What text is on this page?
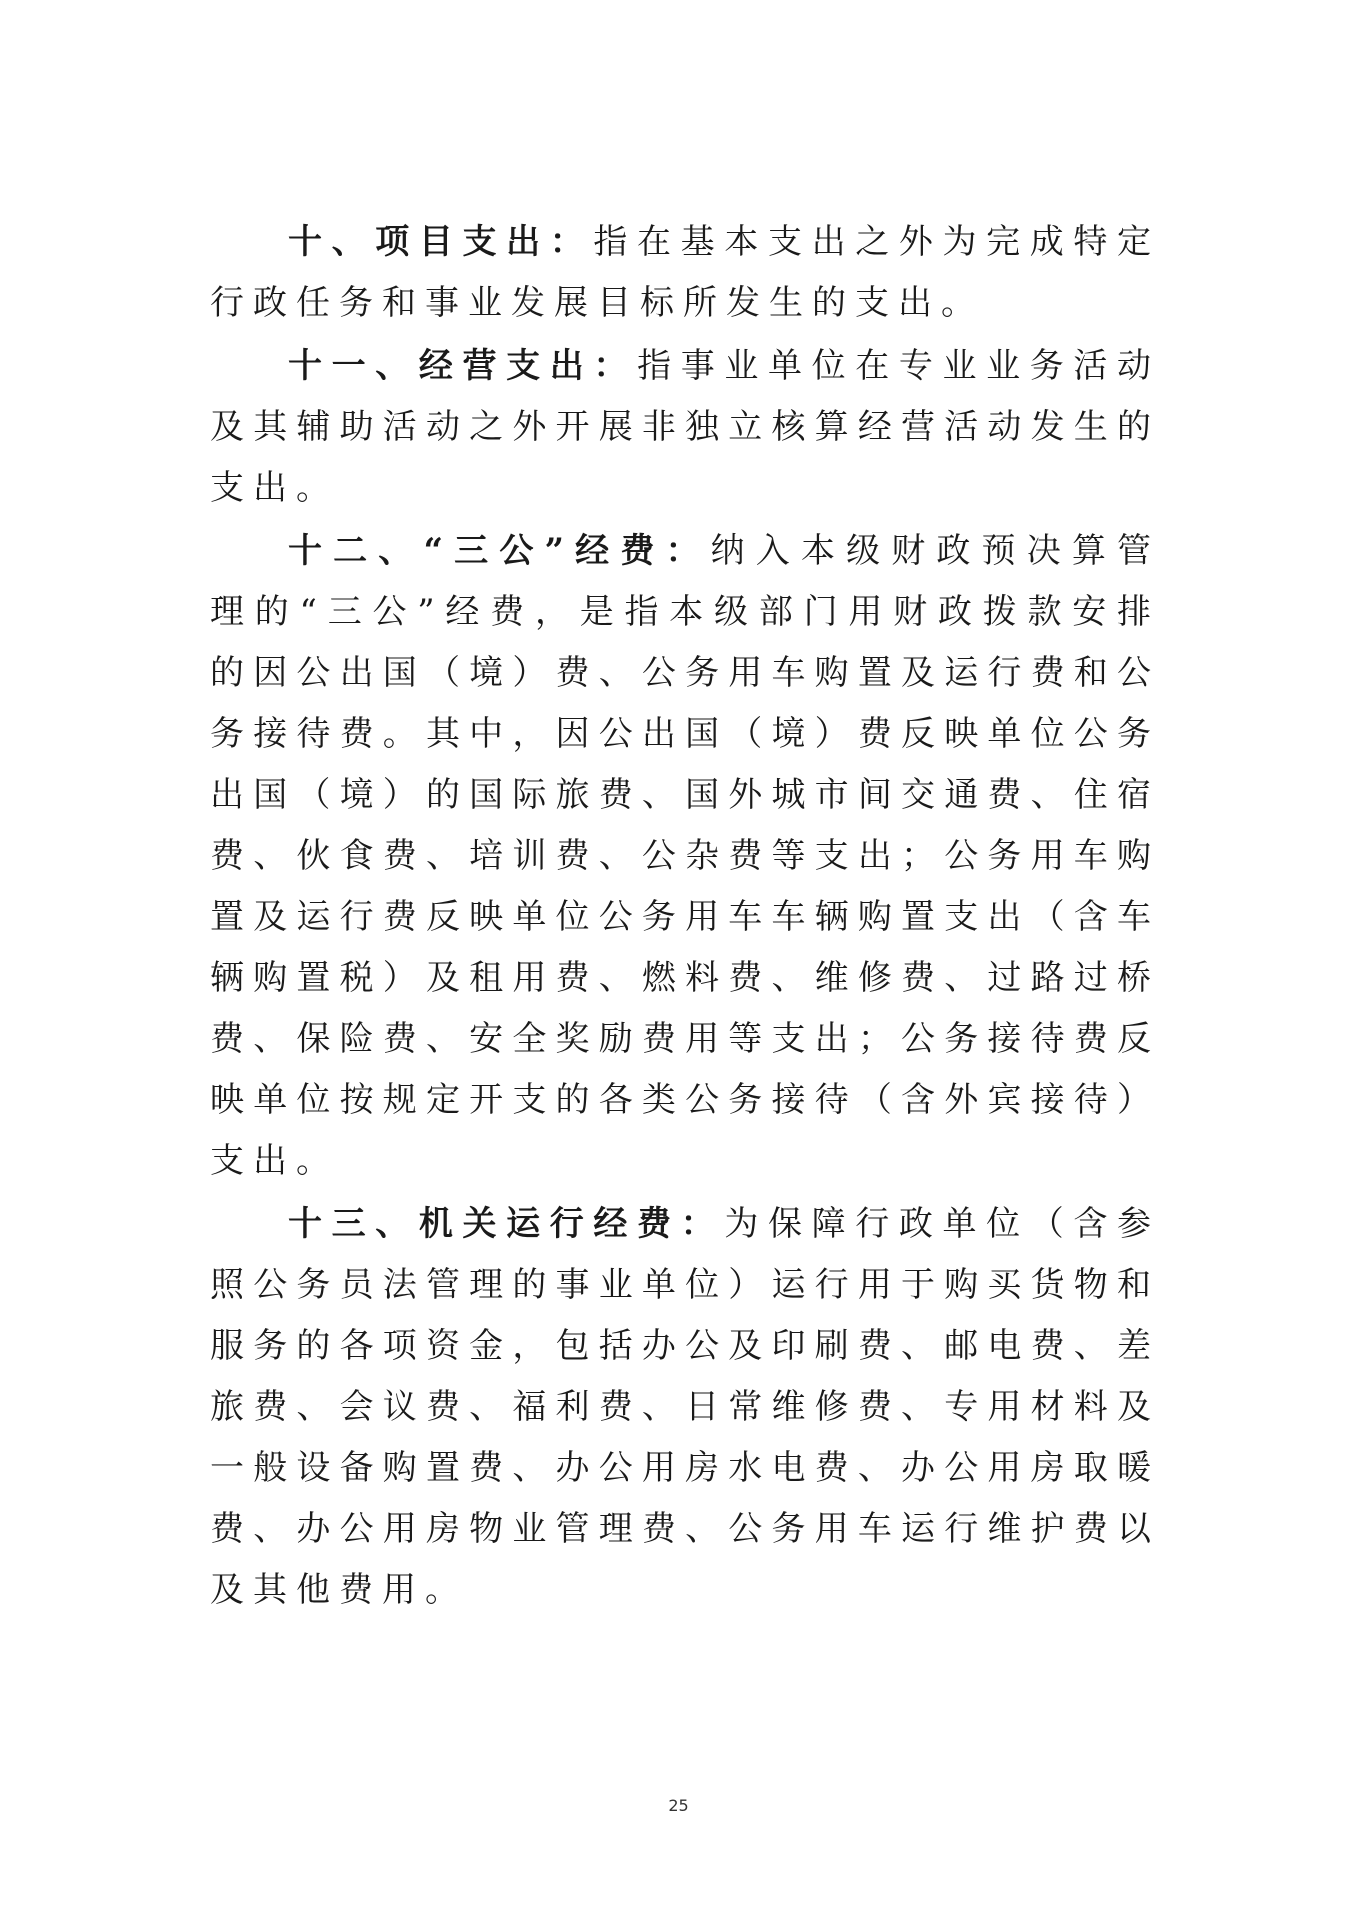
十、项目支出：指在基本支出之外为完成特定行政任务和事业发展目标所发生的支出。

十一、经营支出：指事业单位在专业业务活动及其辅助活动之外开展非独立核算经营活动发生的支出。

十二、“三公”经费：纳入本级财政预决算管理的“三公”经费，是指本级部门用财政拨款安排的因公出国（境）费、公务用车购置及运行费和公务接待费。其中，因公出国（境）费反映单位公务出国（境）的国际旅费、国外城市间交通费、住宿费、伙食费、培训费、公杂费等支出；公务用车购置及运行费反映单位公务用车车辆购置支出（含车辆购置税）及租用费、燃料费、维修费、过路过桥费、保险费、安全奖励费用等支出；公务接待费反映单位按规定开支的各类公务接待（含外宾接待）支出。

十三、机关运行经费：为保障行政单位（含参照公务员法管理的事业单位）运行用于购买货物和服务的各项资金，包括办公及印刷费、邮电费、差旅费、会议费、福利费、日常维修费、专用材料及一般设备购置费、办公用房水电费、办公用房取暖费、办公用房物业管理费、公务用车运行维护费以及其他费用。

25
